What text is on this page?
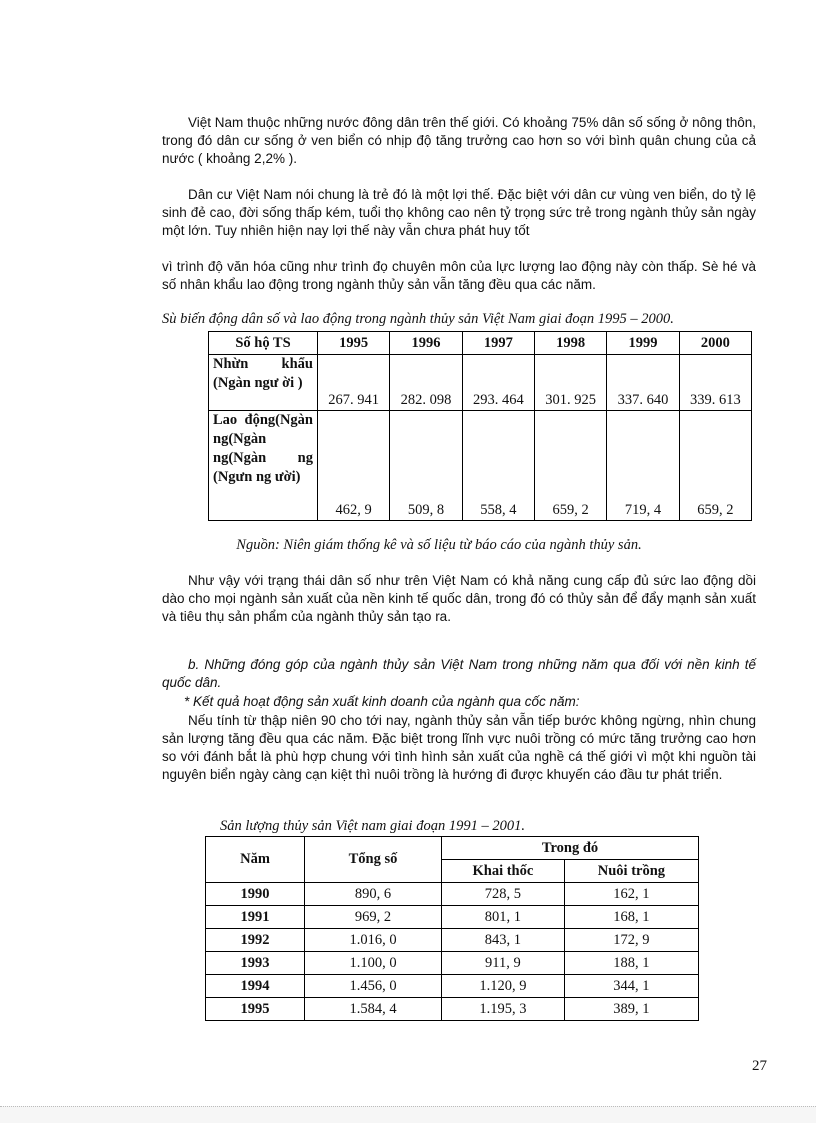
Việt Nam thuộc những nước đông dân trên thế giới. Có khoảng 75% dân số sống ở nông thôn, trong đó dân cư sống ở ven biển có nhịp độ tăng trưởng cao hơn so với bình quân chung của cả nước ( khoảng 2,2% ).

Dân cư Việt Nam nói chung là trẻ đó là một lợi thế. Đặc biệt với dân cư vùng ven biển, do tỷ lệ sinh đẻ cao, đời sống thấp kém, tuổi thọ không cao nên tỷ trọng sức trẻ trong ngành thủy sản ngày một lớn. Tuy nhiên hiện nay lợi thế này vẫn chưa phát huy tốt

vì trình độ văn hóa cũng như trình đọ chuyên môn của lực lượng lao động này còn thấp. Sè hé và số nhân khẩu lao động trong ngành thủy sản vẫn tăng đều qua các năm.

Sù biến động dân số và lao động trong ngành thủy sản Việt Nam giai đoạn 1995 – 2000.

Số hộ TS	1995	1996	1997	1998	1999	2000
Nhừn khẩu (Ngàn ngư ời )	267. 941	282. 098	293. 464	301. 925	337. 640	339. 613
Lao động(Ngàn ng(Ngàn ng(Ngàn ng (Ngưn ng ười)	462, 9	509, 8	558, 4	659, 2	719, 4	659, 2

Nguồn: Niên giám thống kê và số liệu từ báo cáo của ngành thủy sản.

Như vậy với trạng thái dân số như trên Việt Nam có khả năng cung cấp đủ sức lao động dồi dào cho mọi ngành sản xuất của nền kinh tế quốc dân, trong đó có thủy sản để đẩy mạnh sản xuất và tiêu thụ sản phẩm của ngành thủy sản tạo ra.

b. Những đóng góp của ngành thủy sản Việt Nam trong những năm qua đối với nền kinh tế quốc dân.

* Kết quả hoạt động sản xuất kinh doanh của ngành qua cốc năm:

Nếu tính từ thập niên 90 cho tới nay, ngành thủy sản vẫn tiếp bước không ngừng, nhìn chung sản lượng tăng đều qua các năm. Đặc biệt trong lĩnh vực nuôi trồng có mức tăng trưởng cao hơn so với đánh bắt là phù hợp chung với tình hình sản xuất của nghề cá thế giới vì một khi nguồn tài nguyên biển ngày càng cạn kiệt thì nuôi trồng là hướng đi được khuyến cáo đầu tư phát triển.

Sản lượng thủy sản Việt nam giai đoạn 1991 – 2001.

Năm	Tổng số	Trong đó	
		Khai thốc	Nuôi trồng
1990	890, 6	728, 5	162, 1
1991	969, 2	801, 1	168, 1
1992	1.016, 0	843, 1	172, 9
1993	1.100, 0	911, 9	188, 1
1994	1.456, 0	1.120, 9	344, 1
1995	1.584, 4	1.195, 3	389, 1
27
